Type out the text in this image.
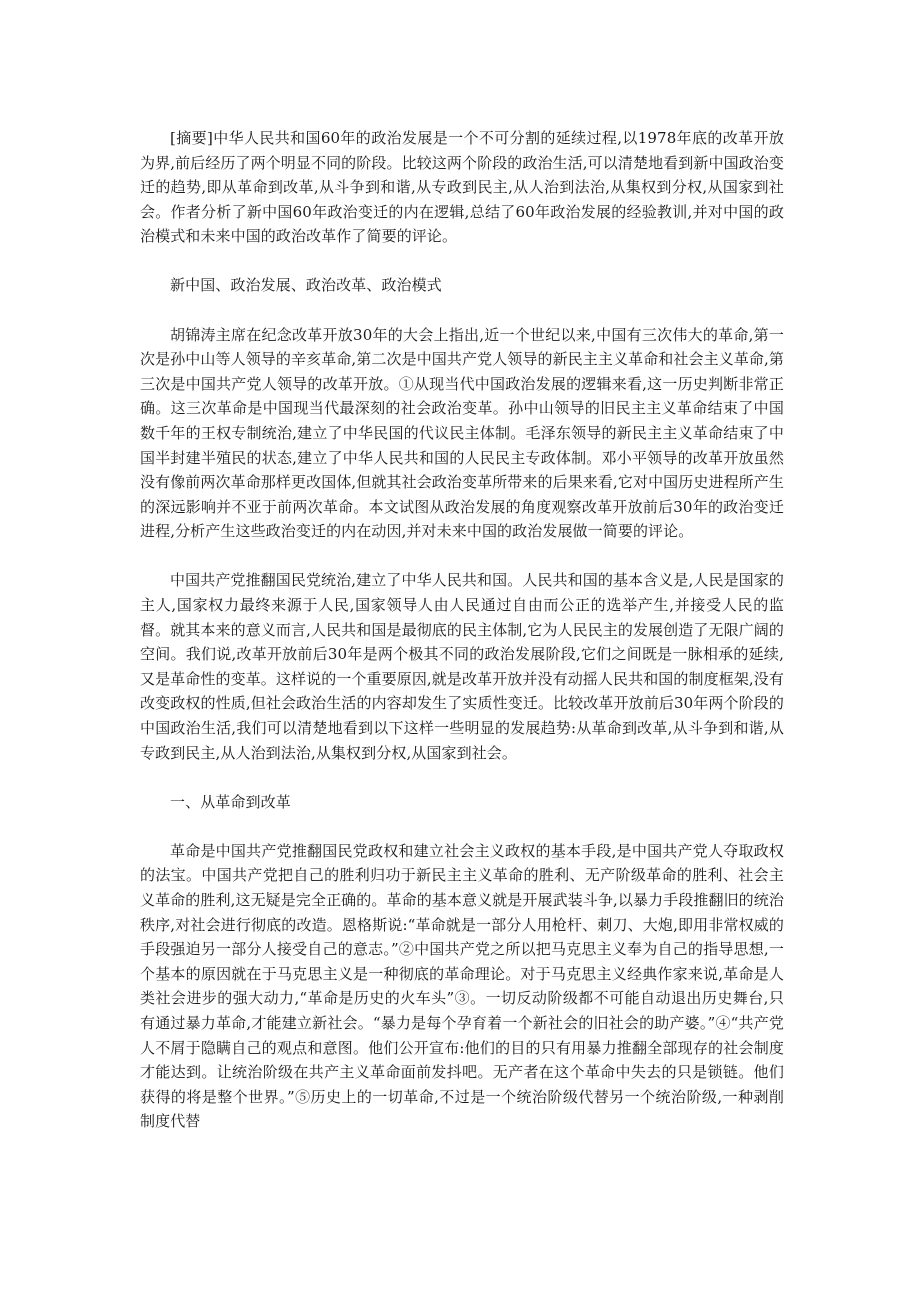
[摘要]中华人民共和国60年的政治发展是一个不可分割的延续过程,以1978年底的改革开放为界,前后经历了两个明显不同的阶段。比较这两个阶段的政治生活,可以清楚地看到新中国政治变迁的趋势,即从革命到改革,从斗争到和谐,从专政到民主,从人治到法治,从集权到分权,从国家到社会。作者分析了新中国60年政治变迁的内在逻辑,总结了60年政治发展的经验教训,并对中国的政治模式和未来中国的政治改革作了简要的评论。

新中国、政治发展、政治改革、政治模式

胡锦涛主席在纪念改革开放30年的大会上指出,近一个世纪以来,中国有三次伟大的革命,第一次是孙中山等人领导的辛亥革命,第二次是中国共产党人领导的新民主主义革命和社会主义革命,第三次是中国共产党人领导的改革开放。①从现当代中国政治发展的逻辑来看,这一历史判断非常正确。这三次革命是中国现当代最深刻的社会政治变革。孙中山领导的旧民主主义革命结束了中国数千年的王权专制统治,建立了中华民国的代议民主体制。毛泽东领导的新民主主义革命结束了中国半封建半殖民的状态,建立了中华人民共和国的人民民主专政体制。邓小平领导的改革开放虽然没有像前两次革命那样更改国体,但就其社会政治变革所带来的后果来看,它对中国历史进程所产生的深远影响并不亚于前两次革命。本文试图从政治发展的角度观察改革开放前后30年的政治变迁进程,分析产生这些政治变迁的内在动因,并对未来中国的政治发展做一简要的评论。

中国共产党推翻国民党统治,建立了中华人民共和国。人民共和国的基本含义是,人民是国家的主人,国家权力最终来源于人民,国家领导人由人民通过自由而公正的选举产生,并接受人民的监督。就其本来的意义而言,人民共和国是最彻底的民主体制,它为人民民主的发展创造了无限广阔的空间。我们说,改革开放前后30年是两个极其不同的政治发展阶段,它们之间既是一脉相承的延续,又是革命性的变革。这样说的一个重要原因,就是改革开放并没有动摇人民共和国的制度框架,没有改变政权的性质,但社会政治生活的内容却发生了实质性变迁。比较改革开放前后30年两个阶段的中国政治生活,我们可以清楚地看到以下这样一些明显的发展趋势:从革命到改革,从斗争到和谐,从专政到民主,从人治到法治,从集权到分权,从国家到社会。

一、从革命到改革

革命是中国共产党推翻国民党政权和建立社会主义政权的基本手段,是中国共产党人夺取政权的法宝。中国共产党把自己的胜利归功于新民主主义革命的胜利、无产阶级革命的胜利、社会主义革命的胜利,这无疑是完全正确的。革命的基本意义就是开展武装斗争,以暴力手段推翻旧的统治秩序,对社会进行彻底的改造。恩格斯说:“革命就是一部分人用枪杆、刺刀、大炮,即用非常权威的手段强迫另一部分人接受自己的意志。”②中国共产党之所以把马克思主义奉为自己的指导思想,一个基本的原因就在于马克思主义是一种彻底的革命理论。对于马克思主义经典作家来说,革命是人类社会进步的强大动力,“革命是历史的火车头”③。一切反动阶级都不可能自动退出历史舞台,只有通过暴力革命,才能建立新社会。“暴力是每个孕育着一个新社会的旧社会的助产婆。”④“共产党人不屑于隐瞒自己的观点和意图。他们公开宣布:他们的目的只有用暴力推翻全部现存的社会制度才能达到。让统治阶级在共产主义革命面前发抖吧。无产者在这个革命中失去的只是锁链。他们获得的将是整个世界。”⑤历史上的一切革命,不过是一个统治阶级代替另一个统治阶级,一种剥削制度代替
